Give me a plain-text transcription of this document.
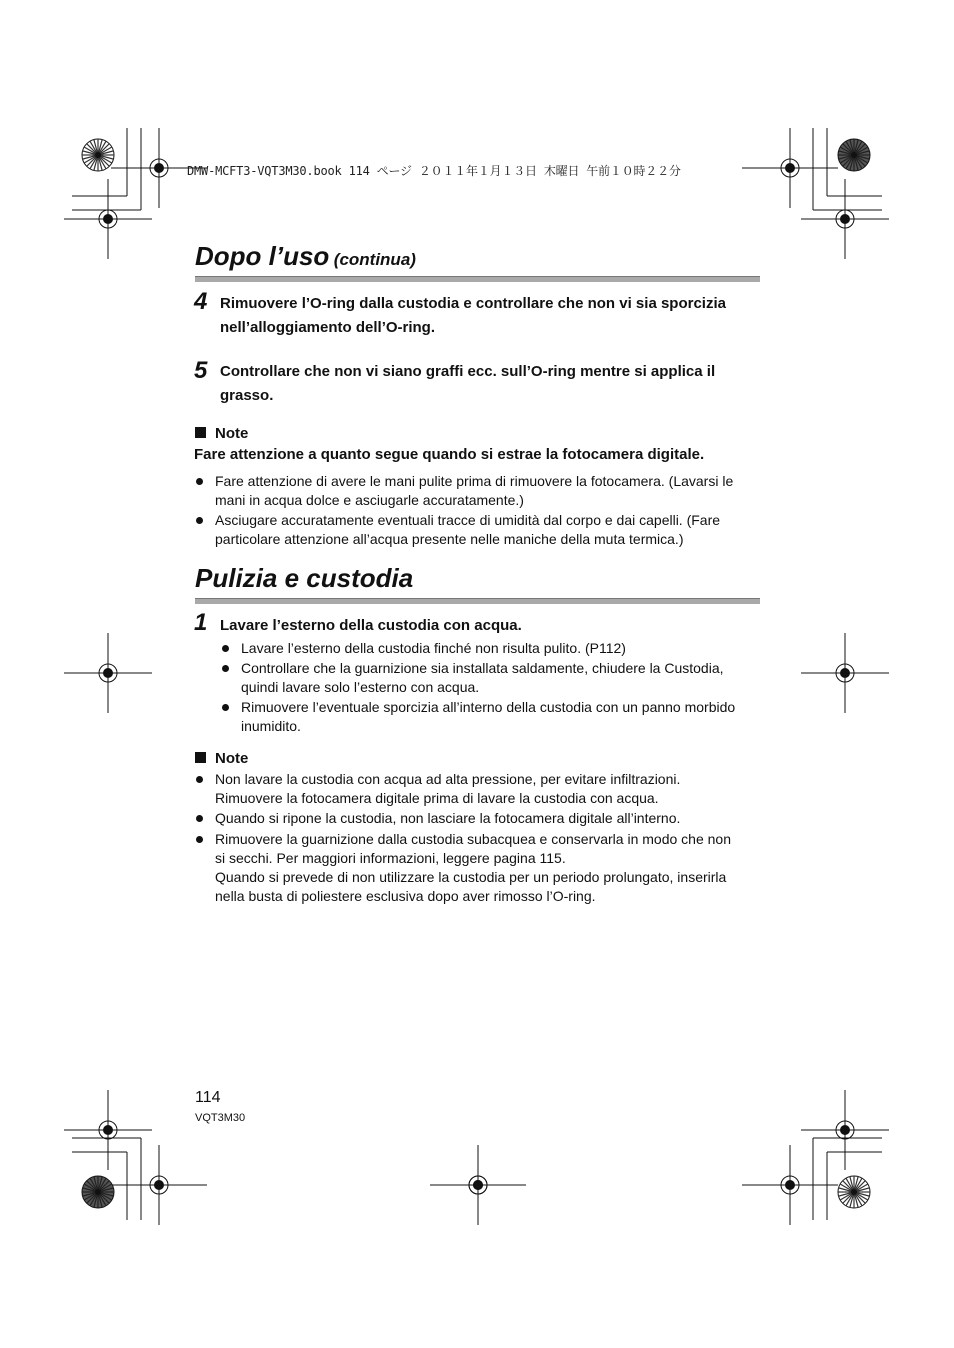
DMW-MCFT3-VQT3M30.book 114 ページ ２０１１年１月１３日 木曜日 午前１０時２２分
Dopo l’uso (continua)
4 Rimuovere l’O-ring dalla custodia e controllare che non vi sia sporcizia nell’alloggiamento dell’O-ring.
5 Controllare che non vi siano graffi ecc. sull’O-ring mentre si applica il grasso.
Note
Fare attenzione a quanto segue quando si estrae la fotocamera digitale.
Fare attenzione di avere le mani pulite prima di rimuovere la fotocamera. (Lavarsi le
mani in acqua dolce e asciugarle accuratamente.)
Asciugare accuratamente eventuali tracce di umidità dal corpo e dai capelli. (Fare
particolare attenzione all’acqua presente nelle maniche della muta termica.)
Pulizia e custodia
1 Lavare l’esterno della custodia con acqua.
Lavare l’esterno della custodia finché non risulta pulito. (P112)
Controllare che la guarnizione sia installata saldamente, chiudere la Custodia,
quindi lavare solo l’esterno con acqua.
Rimuovere l’eventuale sporcizia all’interno della custodia con un panno morbido
inumidito.
Note
Non lavare la custodia con acqua ad alta pressione, per evitare infiltrazioni.
Rimuovere la fotocamera digitale prima di lavare la custodia con acqua.
Quando si ripone la custodia, non lasciare la fotocamera digitale all’interno.
Rimuovere la guarnizione dalla custodia subacquea e conservarla in modo che non
si secchi. Per maggiori informazioni, leggere pagina 115.
Quando si prevede di non utilizzare la custodia per un periodo prolungato, inserirla
nella busta di poliestere esclusiva dopo aver rimosso l’O-ring.
114
VQT3M30
